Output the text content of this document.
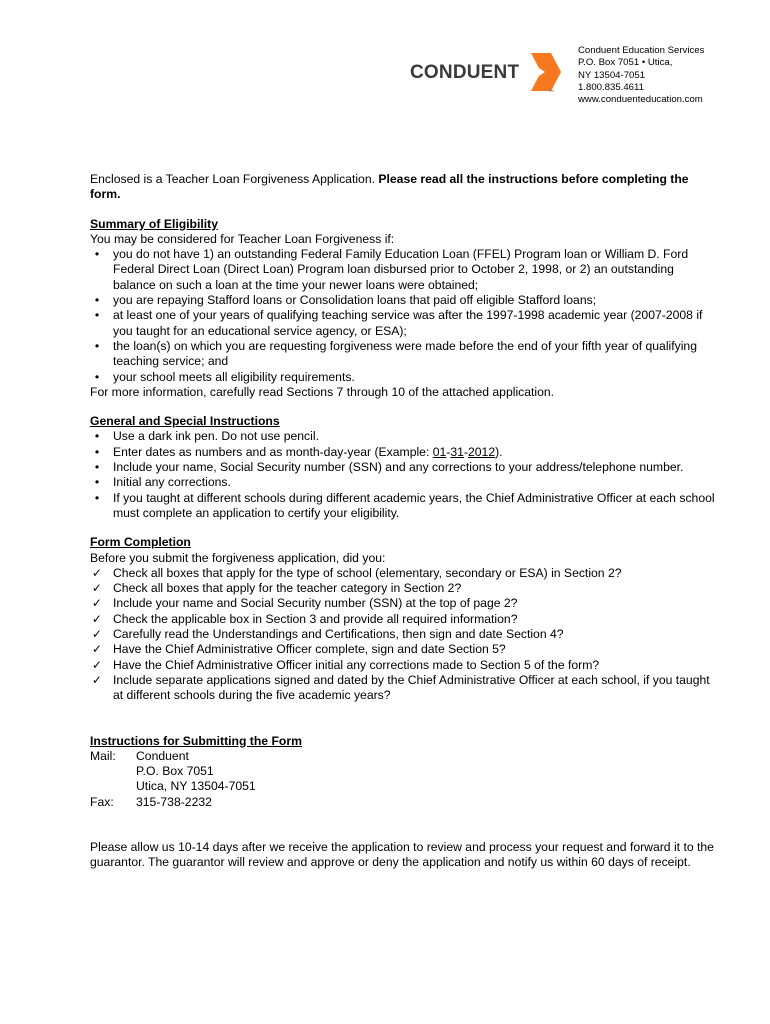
CONDUENT
TM
Conduent Education Services
P.O. Box 7051 • Utica,
NY 13504-7051
1.800.835.4611
www.conduenteducation.com

Enclosed is a Teacher Loan Forgiveness Application. Please read all the instructions before completing the form.

Summary of Eligibility

You may be considered for Teacher Loan Forgiveness if:

•	you do not have 1) an outstanding Federal Family Education Loan (FFEL) Program loan or William D. Ford Federal Direct Loan (Direct Loan) Program loan disbursed prior to October 2, 1998, or 2) an outstanding balance on such a loan at the time your newer loans were obtained;
•	you are repaying Stafford loans or Consolidation loans that paid off eligible Stafford loans;
•	at least one of your years of qualifying teaching service was after the 1997-1998 academic year (2007-2008 if you taught for an educational service agency, or ESA);
•	the loan(s) on which you are requesting forgiveness were made before the end of your fifth year of qualifying teaching service; and
•	your school meets all eligibility requirements.

For more information, carefully read Sections 7 through 10 of the attached application.

General and Special Instructions

•	Use a dark ink pen. Do not use pencil.
•	Enter dates as numbers and as month-day-year (Example: 01-31-2012).
•	Include your name, Social Security number (SSN) and any corrections to your address/telephone number.
•	Initial any corrections.
•	If you taught at different schools during different academic years, the Chief Administrative Officer at each school must complete an application to certify your eligibility.

Form Completion

Before you submit the forgiveness application, did you:

✓ Check all boxes that apply for the type of school (elementary, secondary or ESA) in Section 2?
✓ Check all boxes that apply for the teacher category in Section 2?
✓ Include your name and Social Security number (SSN) at the top of page 2?
✓ Check the applicable box in Section 3 and provide all required information?
✓ Carefully read the Understandings and Certifications, then sign and date Section 4?
✓ Have the Chief Administrative Officer complete, sign and date Section 5?
✓ Have the Chief Administrative Officer initial any corrections made to Section 5 of the form?
✓ Include separate applications signed and dated by the Chief Administrative Officer at each school, if you taught at different schools during the five academic years?

Instructions for Submitting the Form

Mail:	Conduent
P.O. Box 7051
Utica, NY 13504-7051
Fax:	315-738-2232

Please allow us 10-14 days after we receive the application to review and process your request and forward it to the guarantor. The guarantor will review and approve or deny the application and notify us within 60 days of receipt.
